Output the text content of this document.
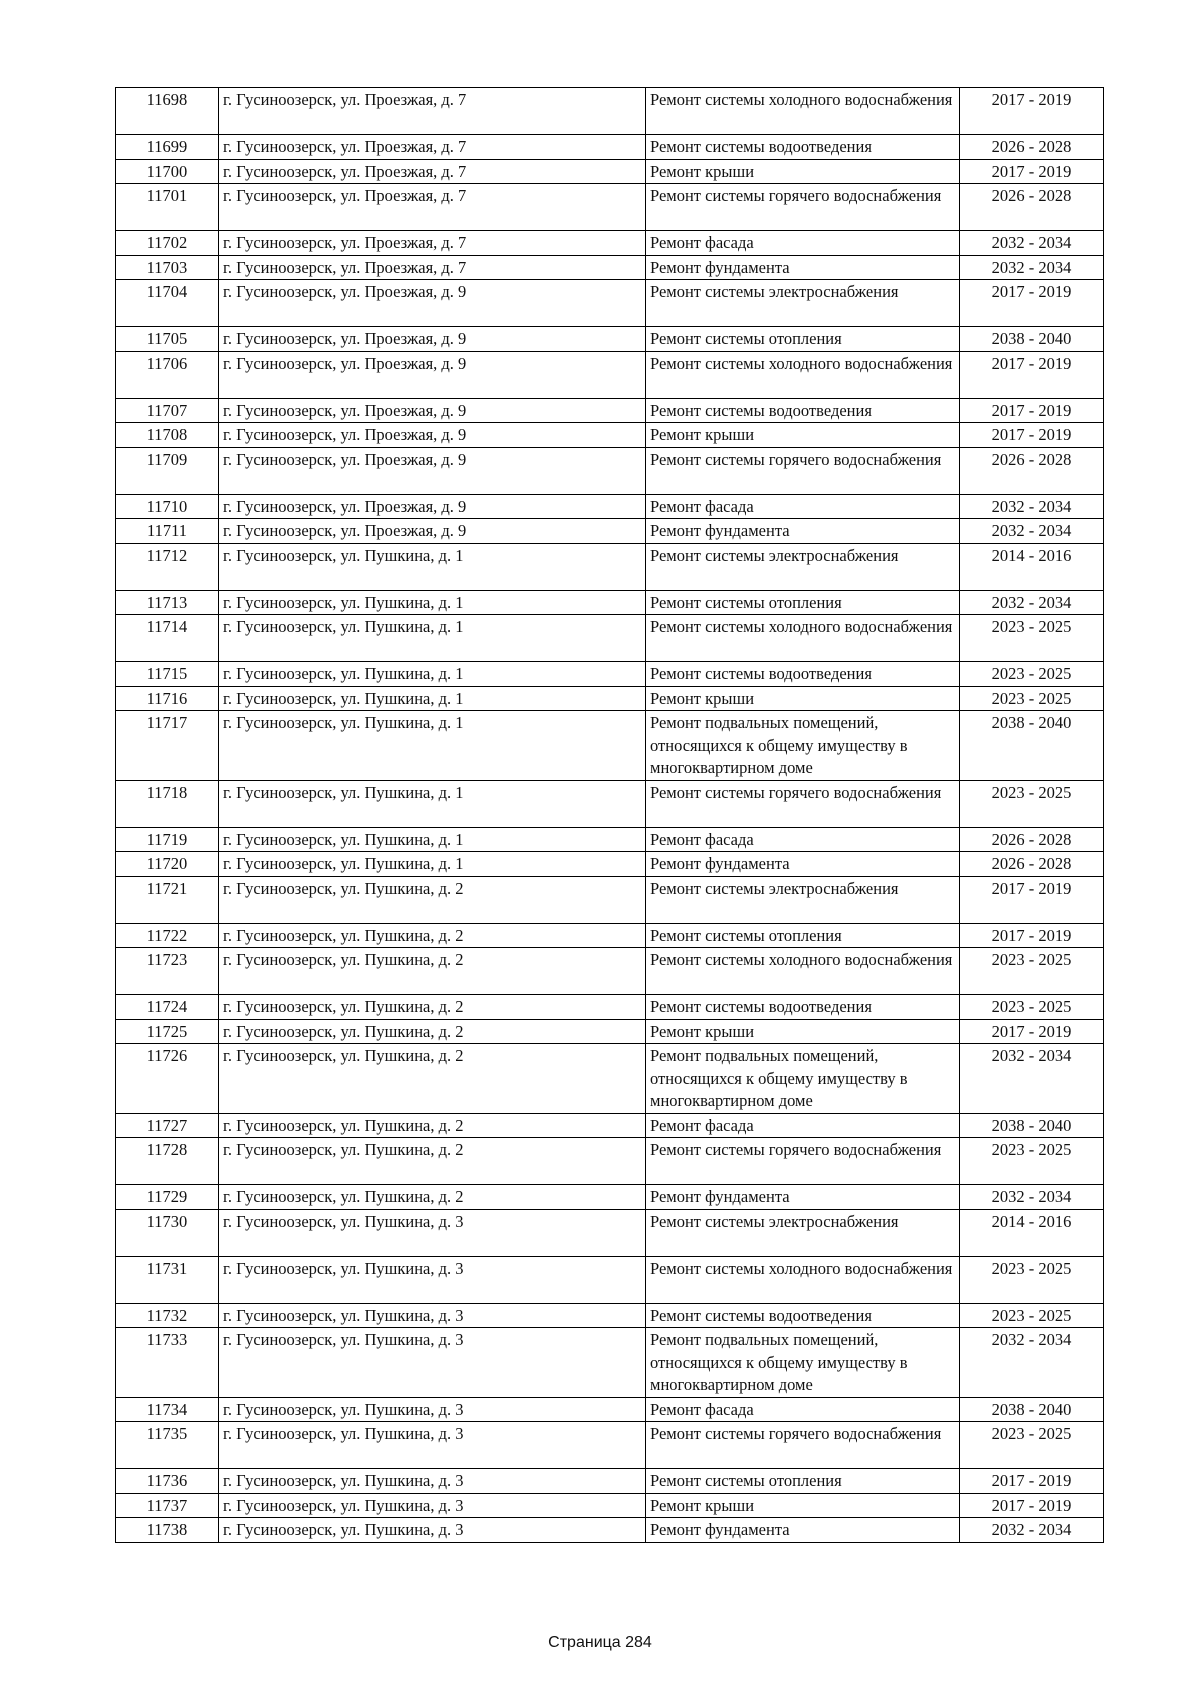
11698	г. Гусиноозерск, ул. Проезжая, д. 7	Ремонт системы холодного водоснабжения	2017 - 2019
11699	г. Гусиноозерск, ул. Проезжая, д. 7	Ремонт системы водоотведения	2026 - 2028
11700	г. Гусиноозерск, ул. Проезжая, д. 7	Ремонт крыши	2017 - 2019
11701	г. Гусиноозерск, ул. Проезжая, д. 7	Ремонт системы горячего водоснабжения	2026 - 2028
11702	г. Гусиноозерск, ул. Проезжая, д. 7	Ремонт фасада	2032 - 2034
11703	г. Гусиноозерск, ул. Проезжая, д. 7	Ремонт фундамента	2032 - 2034
11704	г. Гусиноозерск, ул. Проезжая, д. 9	Ремонт системы электроснабжения	2017 - 2019
11705	г. Гусиноозерск, ул. Проезжая, д. 9	Ремонт системы отопления	2038 - 2040
11706	г. Гусиноозерск, ул. Проезжая, д. 9	Ремонт системы холодного водоснабжения	2017 - 2019
11707	г. Гусиноозерск, ул. Проезжая, д. 9	Ремонт системы водоотведения	2017 - 2019
11708	г. Гусиноозерск, ул. Проезжая, д. 9	Ремонт крыши	2017 - 2019
11709	г. Гусиноозерск, ул. Проезжая, д. 9	Ремонт системы горячего водоснабжения	2026 - 2028
11710	г. Гусиноозерск, ул. Проезжая, д. 9	Ремонт фасада	2032 - 2034
11711	г. Гусиноозерск, ул. Проезжая, д. 9	Ремонт фундамента	2032 - 2034
11712	г. Гусиноозерск, ул. Пушкина, д. 1	Ремонт системы электроснабжения	2014 - 2016
11713	г. Гусиноозерск, ул. Пушкина, д. 1	Ремонт системы отопления	2032 - 2034
11714	г. Гусиноозерск, ул. Пушкина, д. 1	Ремонт системы холодного водоснабжения	2023 - 2025
11715	г. Гусиноозерск, ул. Пушкина, д. 1	Ремонт системы водоотведения	2023 - 2025
11716	г. Гусиноозерск, ул. Пушкина, д. 1	Ремонт крыши	2023 - 2025
11717	г. Гусиноозерск, ул. Пушкина, д. 1	Ремонт подвальных помещений, относящихся к общему имуществу в многоквартирном доме	2038 - 2040
11718	г. Гусиноозерск, ул. Пушкина, д. 1	Ремонт системы горячего водоснабжения	2023 - 2025
11719	г. Гусиноозерск, ул. Пушкина, д. 1	Ремонт фасада	2026 - 2028
11720	г. Гусиноозерск, ул. Пушкина, д. 1	Ремонт фундамента	2026 - 2028
11721	г. Гусиноозерск, ул. Пушкина, д. 2	Ремонт системы электроснабжения	2017 - 2019
11722	г. Гусиноозерск, ул. Пушкина, д. 2	Ремонт системы отопления	2017 - 2019
11723	г. Гусиноозерск, ул. Пушкина, д. 2	Ремонт системы холодного водоснабжения	2023 - 2025
11724	г. Гусиноозерск, ул. Пушкина, д. 2	Ремонт системы водоотведения	2023 - 2025
11725	г. Гусиноозерск, ул. Пушкина, д. 2	Ремонт крыши	2017 - 2019
11726	г. Гусиноозерск, ул. Пушкина, д. 2	Ремонт подвальных помещений, относящихся к общему имуществу в многоквартирном доме	2032 - 2034
11727	г. Гусиноозерск, ул. Пушкина, д. 2	Ремонт фасада	2038 - 2040
11728	г. Гусиноозерск, ул. Пушкина, д. 2	Ремонт системы горячего водоснабжения	2023 - 2025
11729	г. Гусиноозерск, ул. Пушкина, д. 2	Ремонт фундамента	2032 - 2034
11730	г. Гусиноозерск, ул. Пушкина, д. 3	Ремонт системы электроснабжения	2014 - 2016
11731	г. Гусиноозерск, ул. Пушкина, д. 3	Ремонт системы холодного водоснабжения	2023 - 2025
11732	г. Гусиноозерск, ул. Пушкина, д. 3	Ремонт системы водоотведения	2023 - 2025
11733	г. Гусиноозерск, ул. Пушкина, д. 3	Ремонт подвальных помещений, относящихся к общему имуществу в многоквартирном доме	2032 - 2034
11734	г. Гусиноозерск, ул. Пушкина, д. 3	Ремонт фасада	2038 - 2040
11735	г. Гусиноозерск, ул. Пушкина, д. 3	Ремонт системы горячего водоснабжения	2023 - 2025
11736	г. Гусиноозерск, ул. Пушкина, д. 3	Ремонт системы отопления	2017 - 2019
11737	г. Гусиноозерск, ул. Пушкина, д. 3	Ремонт крыши	2017 - 2019
11738	г. Гусиноозерск, ул. Пушкина, д. 3	Ремонт фундамента	2032 - 2034
Страница 284
